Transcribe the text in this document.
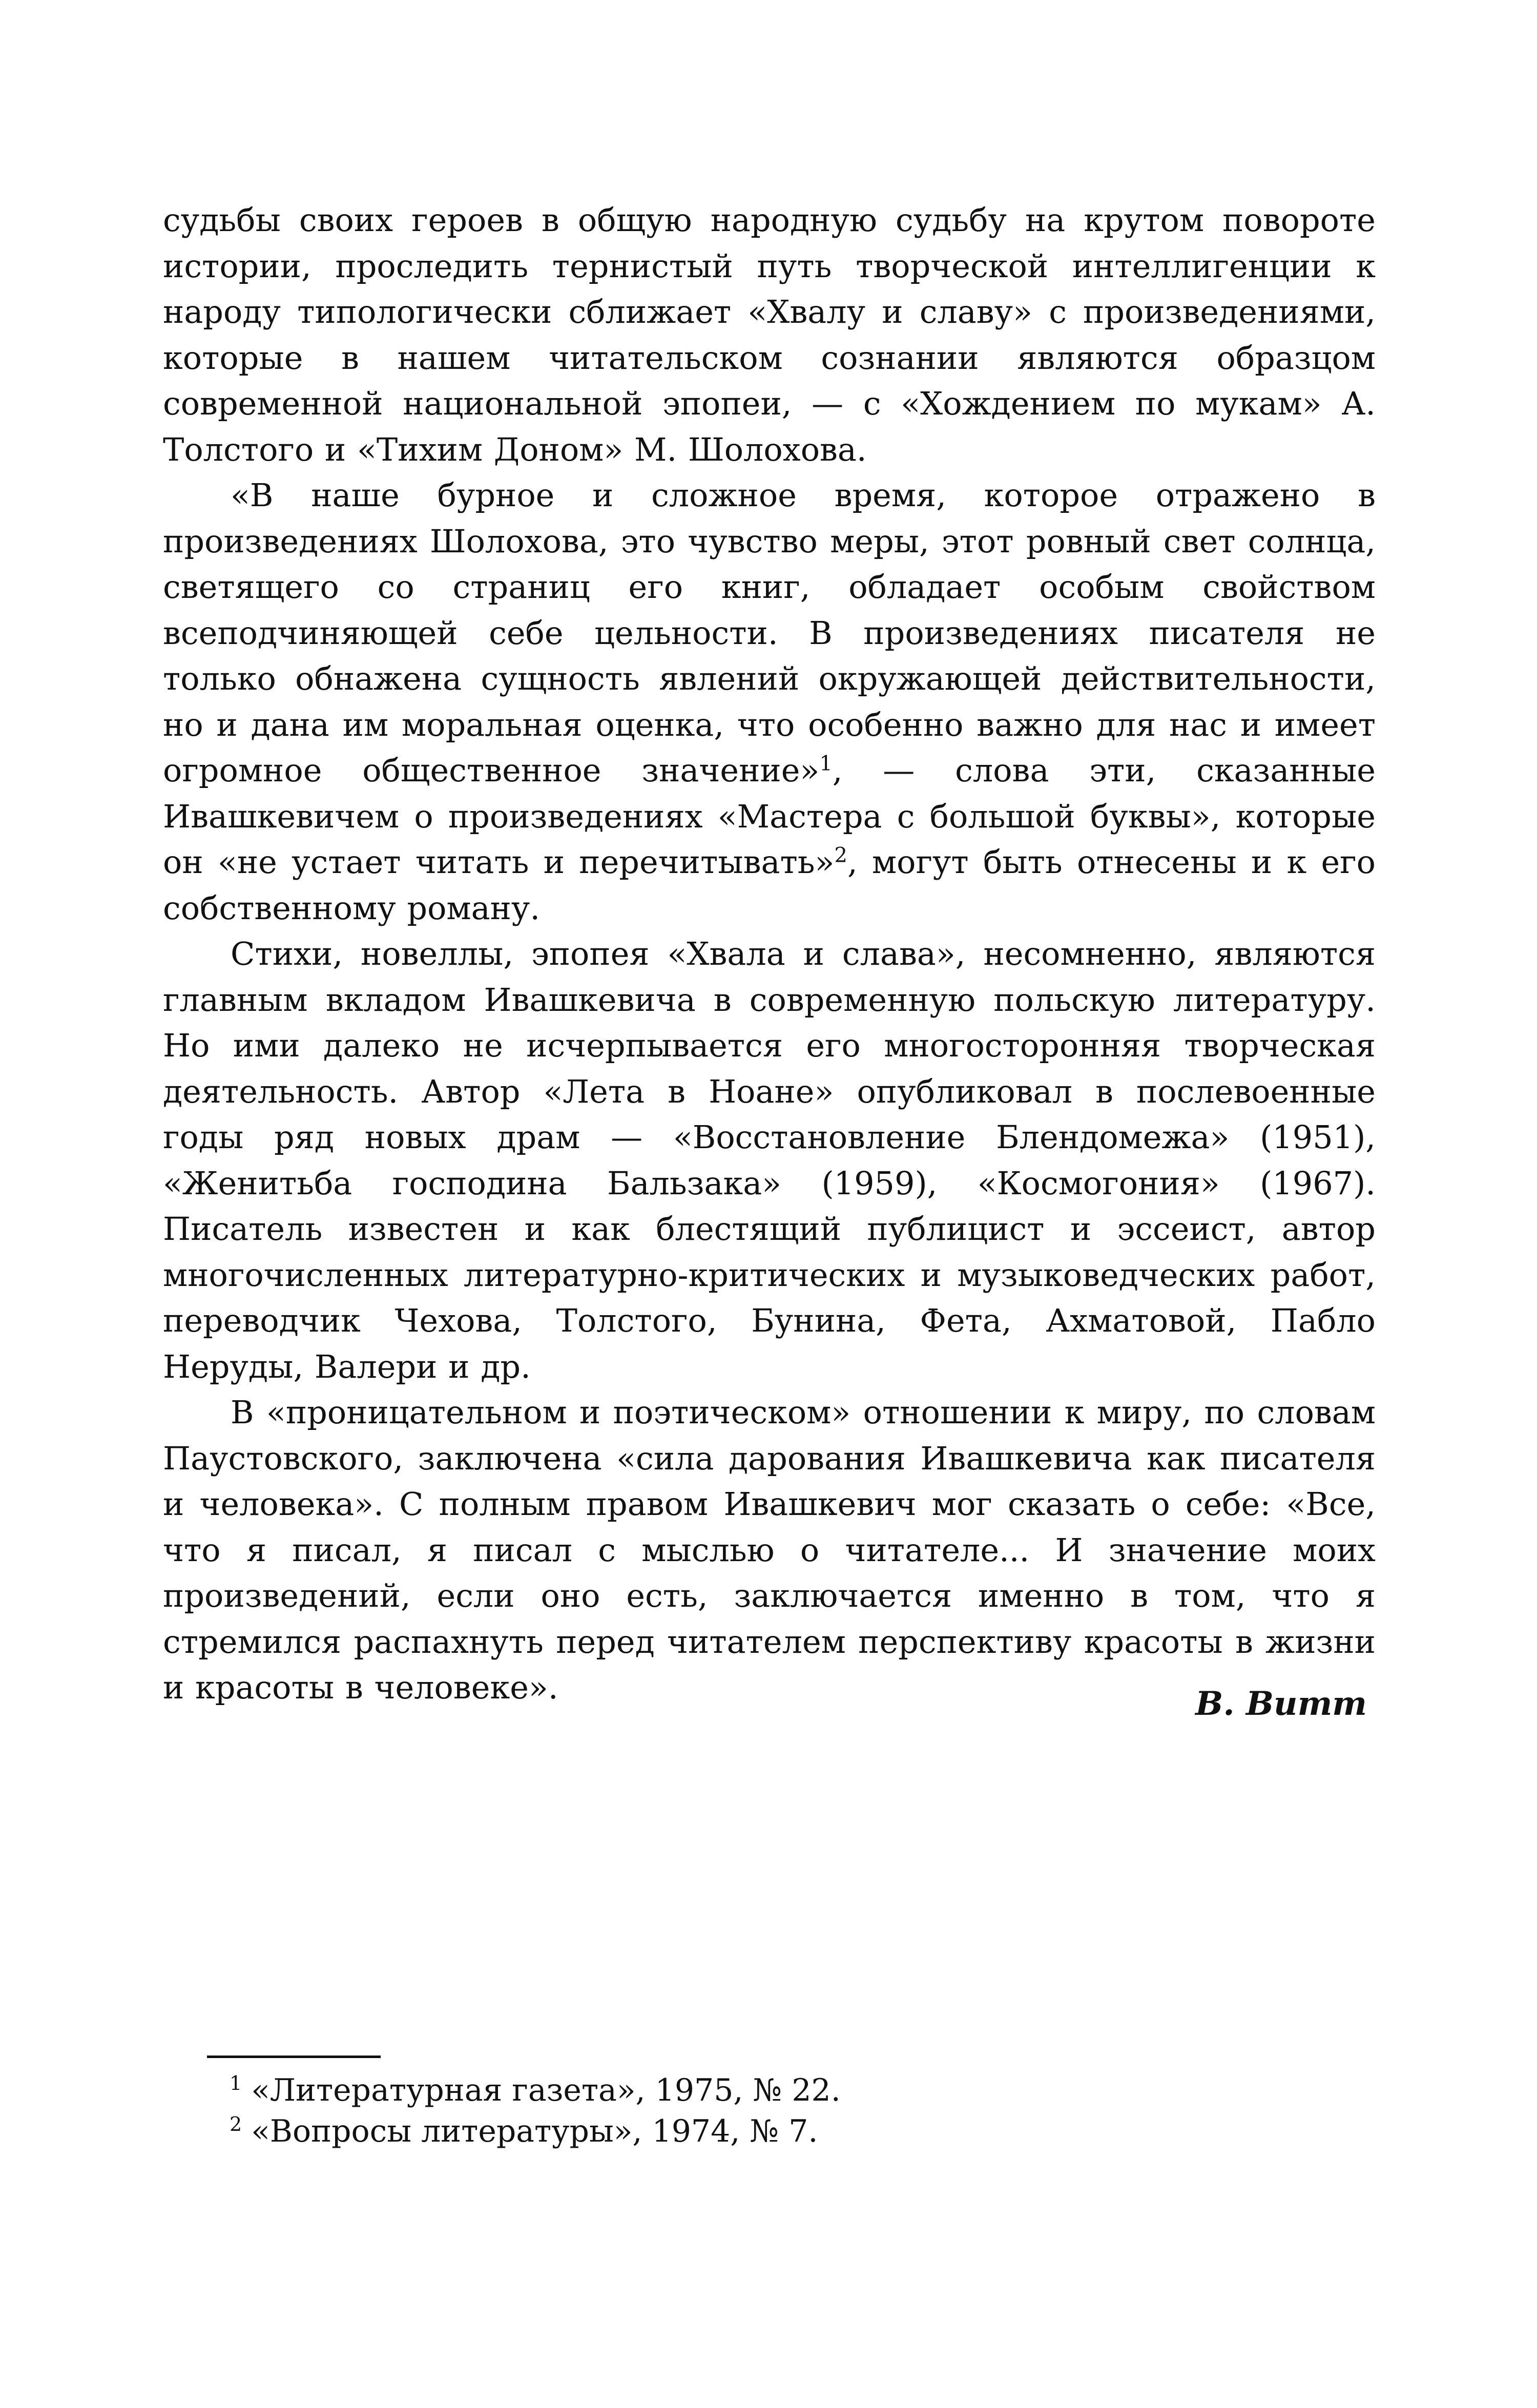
судьбы своих героев в общую народную судьбу на крутом повороте истории, проследить тернистый путь творческой интеллигенции к народу типологически сближает «Хвалу и славу» с произведениями, которые в нашем читательском сознании являются образцом современной национальной эпопеи, — с «Хождением по мукам» А. Толстого и «Тихим Доном» М. Шолохова.

«В наше бурное и сложное время, которое отражено в произведениях Шолохова, это чувство меры, этот ровный свет солнца, светящего со страниц его книг, обладает особым свойством всеподчиняющей себе цельности. В произведениях писателя не только обнажена сущность явлений окружающей действительности, но и дана им моральная оценка, что особенно важно для нас и имеет огромное общественное значение»$^1$, — слова эти, сказанные Ивашкевичем о произведениях «Мастера с большой буквы», которые он «не устает читать и перечитывать»$^2$, могут быть отнесены и к его собственному роману.

Стихи, новеллы, эпопея «Хвала и слава», несомненно, являются главным вкладом Ивашкевича в современную польскую литературу. Но ими далеко не исчерпывается его многосторонняя творческая деятельность. Автор «Лета в Ноане» опубликовал в послевоенные годы ряд новых драм — «Восстановление Блендомежа» (1951), «Женитьба господина Бальзака» (1959), «Космогония» (1967). Писатель известен и как блестящий публицист и эссеист, автор многочисленных литературно-критических и музыковедческих работ, переводчик Чехова, Толстого, Бунина, Фета, Ахматовой, Пабло Неруды, Валери и др.

В «проницательном и поэтическом» отношении к миру, по словам Паустовского, заключена «сила дарования Ивашкевича как писателя и человека». С полным правом Ивашкевич мог сказать о себе: «Все, что я писал, я писал с мыслью о читателе... И значение моих произведений, если оно есть, заключается именно в том, что я стремился распахнуть перед читателем перспективу красоты в жизни и красоты в человеке».	В. Витт

$^1$ «Литературная газета», 1975, № 22.

$^2$ «Вопросы литературы», 1974, № 7.
